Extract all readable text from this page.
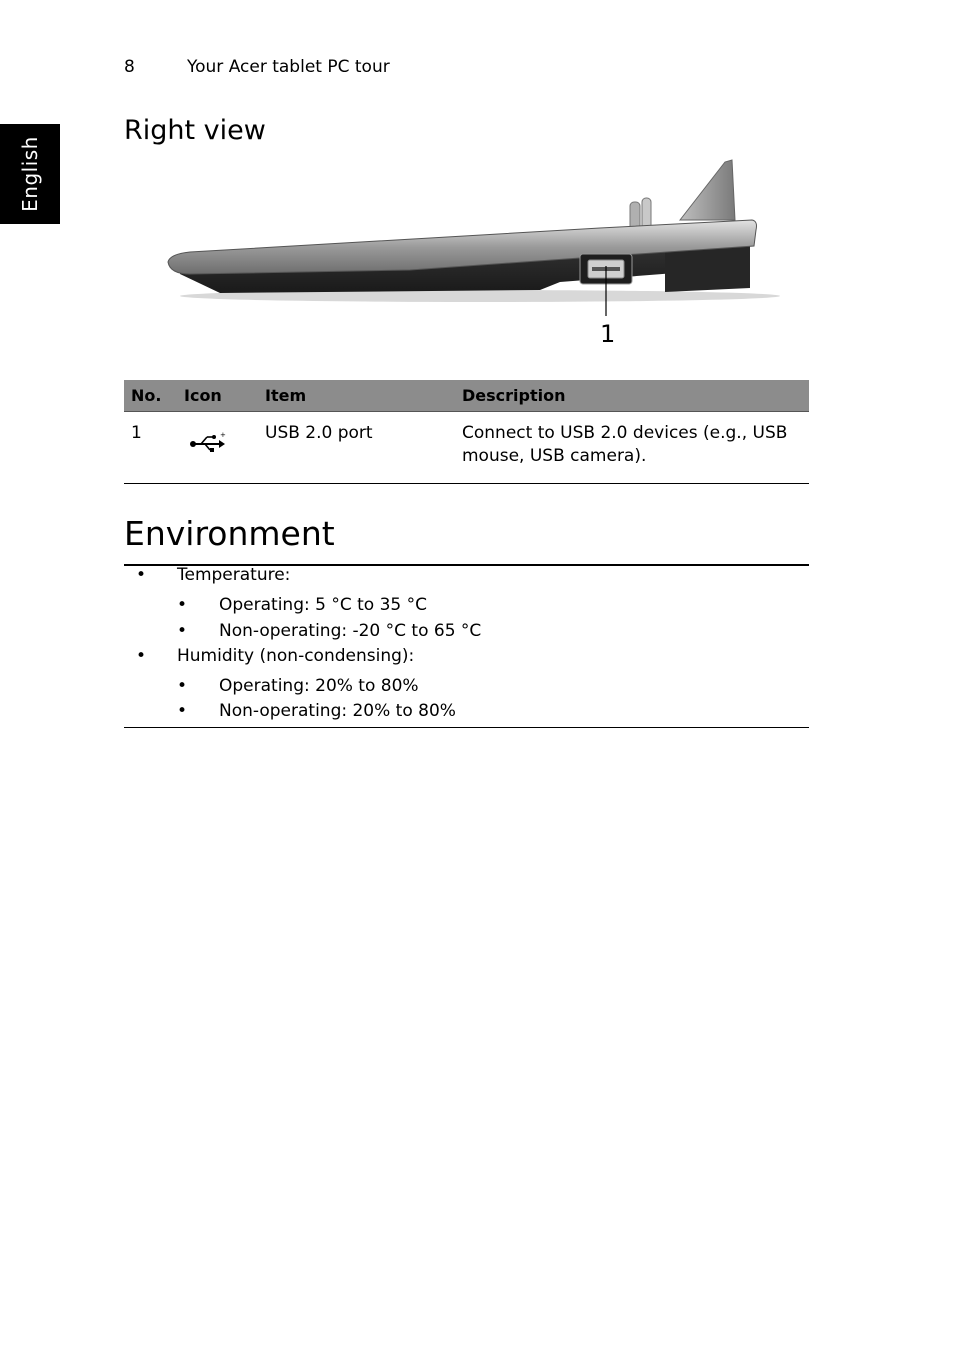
8	Your Acer tablet PC tour
English
Right view
1
No.	Icon	Item	Description
1	+	USB 2.0 port	Connect to USB 2.0 devices (e.g., USB
mouse, USB camera).
Environment
• Temperature:
• Operating: 5 °C to 35 °C
• Non-operating: -20 °C to 65 °C
• Humidity (non-condensing):
• Operating: 20% to 80%
• Non-operating: 20% to 80%
